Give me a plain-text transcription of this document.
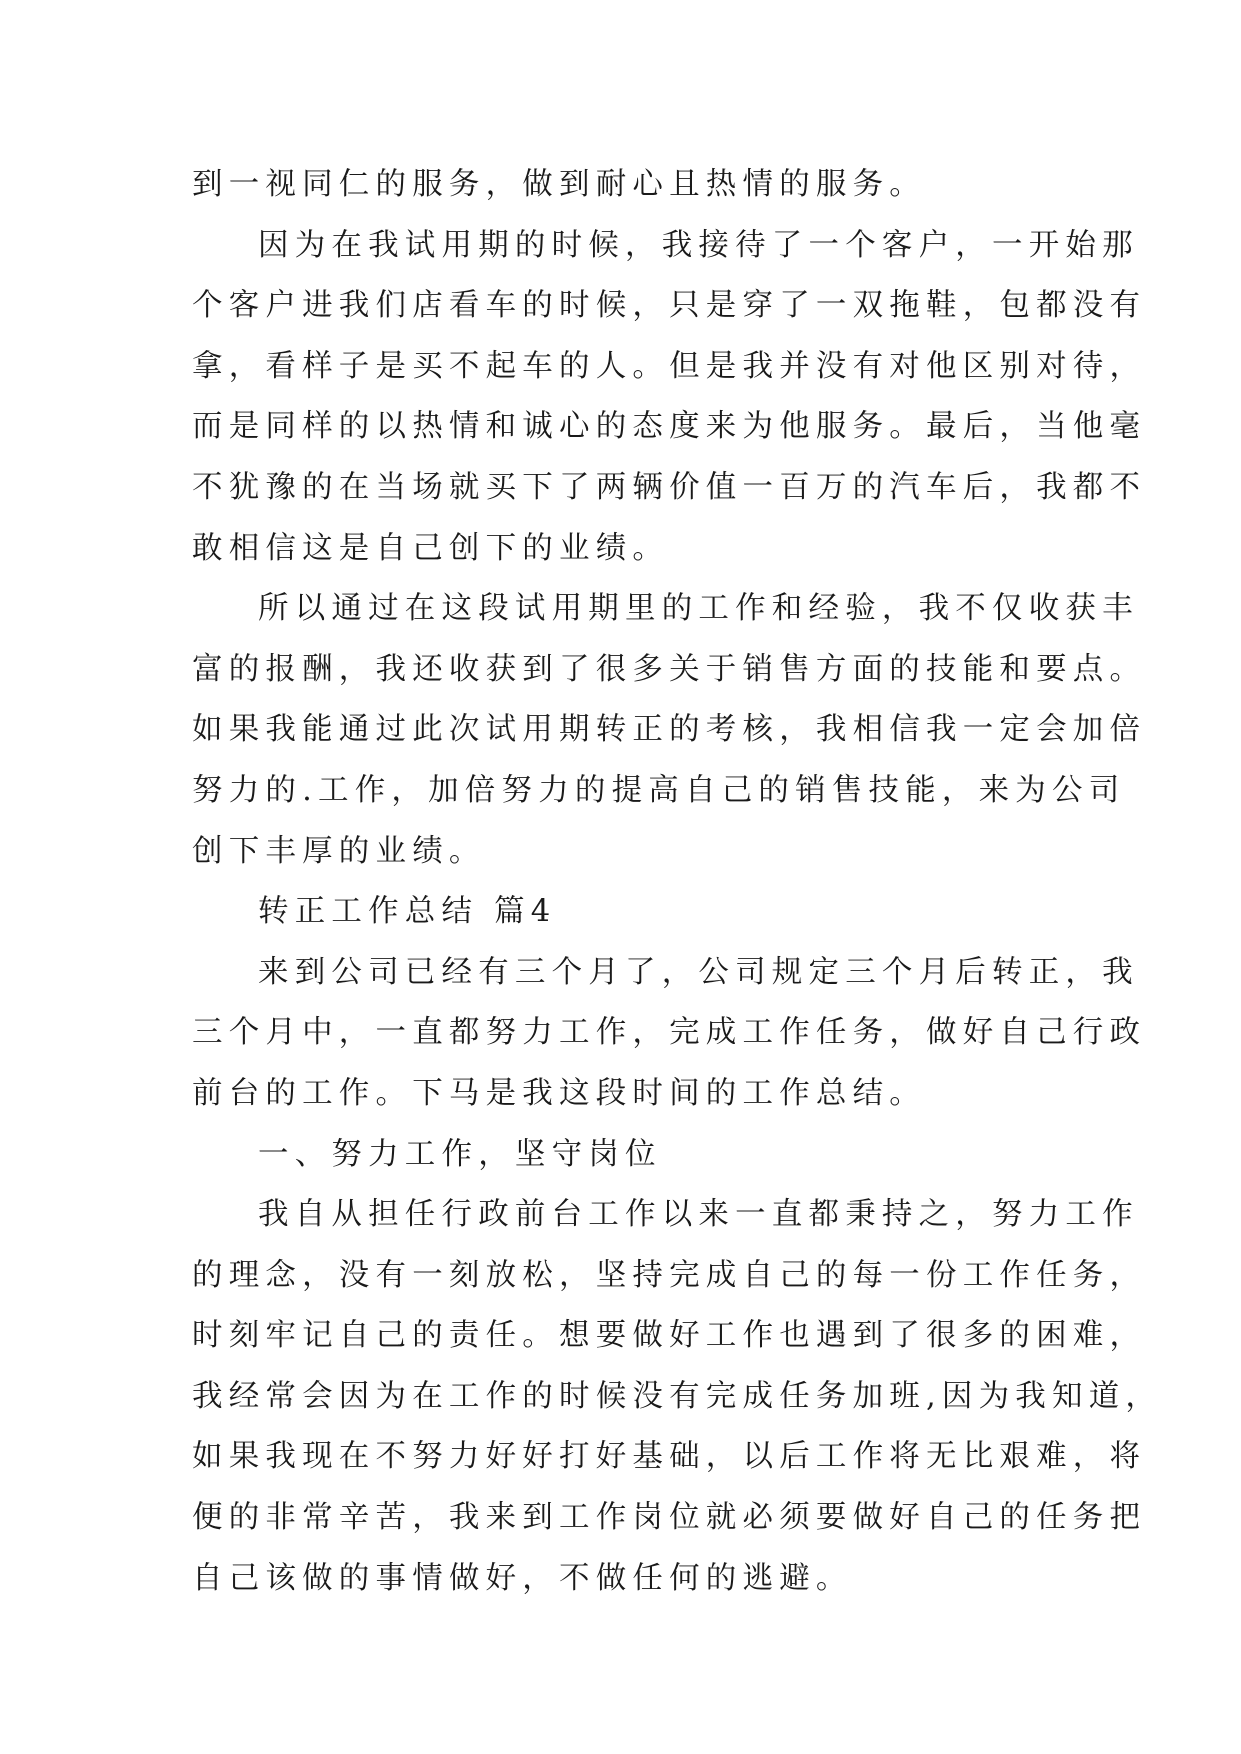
到一视同仁的服务，做到耐心且热情的服务。
因为在我试用期的时候，我接待了一个客户，一开始那
个客户进我们店看车的时候，只是穿了一双拖鞋，包都没有
拿，看样子是买不起车的人。但是我并没有对他区别对待，
而是同样的以热情和诚心的态度来为他服务。最后，当他毫
不犹豫的在当场就买下了两辆价值一百万的汽车后，我都不
敢相信这是自己创下的业绩。
所以通过在这段试用期里的工作和经验，我不仅收获丰
富的报酬，我还收获到了很多关于销售方面的技能和要点。
如果我能通过此次试用期转正的考核，我相信我一定会加倍
努力的.工作，加倍努力的提高自己的销售技能，来为公司
创下丰厚的业绩。
转正工作总结 篇4
来到公司已经有三个月了，公司规定三个月后转正，我
三个月中，一直都努力工作，完成工作任务，做好自己行政
前台的工作。下马是我这段时间的工作总结。
一、努力工作，坚守岗位
我自从担任行政前台工作以来一直都秉持之，努力工作
的理念，没有一刻放松，坚持完成自己的每一份工作任务，
时刻牢记自己的责任。想要做好工作也遇到了很多的困难，
我经常会因为在工作的时候没有完成任务加班,因为我知道，
如果我现在不努力好好打好基础，以后工作将无比艰难，将
便的非常辛苦，我来到工作岗位就必须要做好自己的任务把
自己该做的事情做好，不做任何的逃避。
